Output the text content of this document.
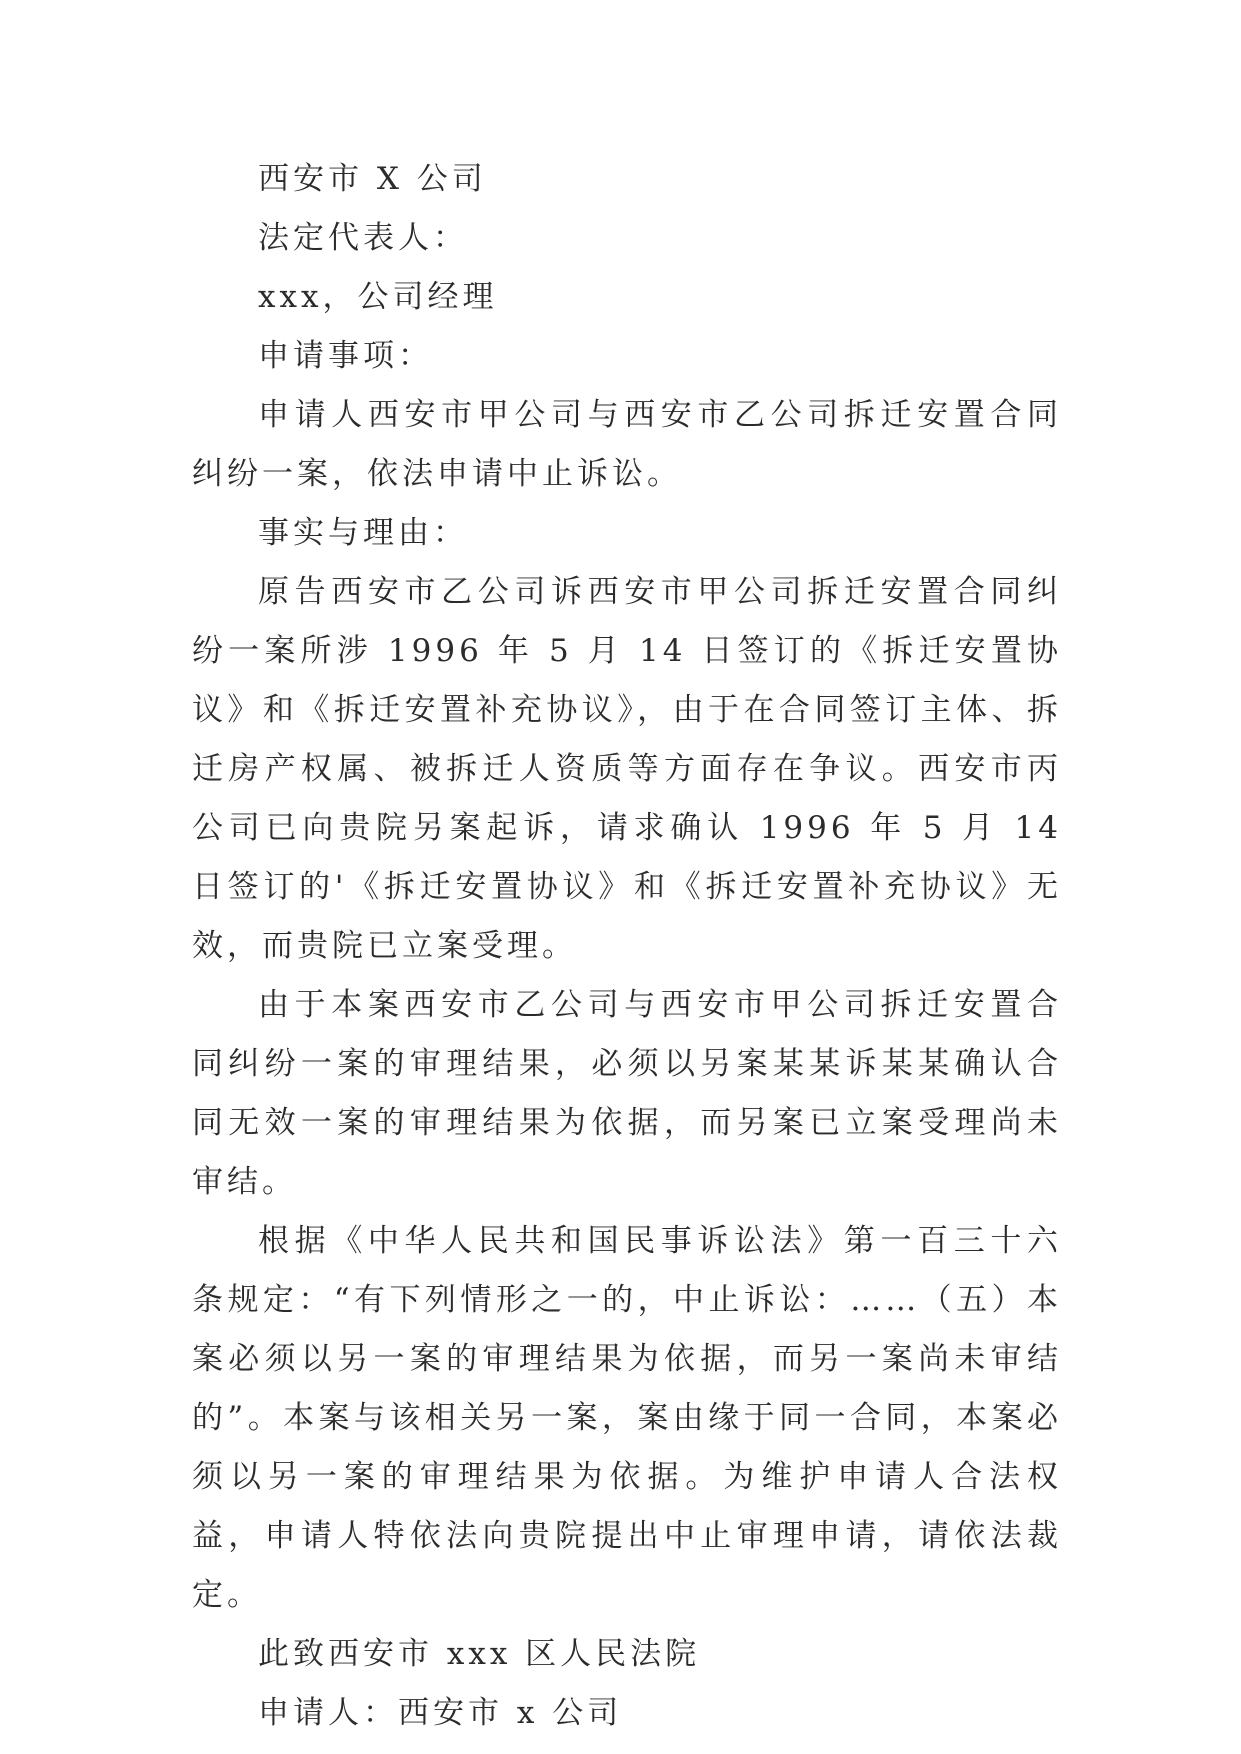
西安市 X 公司

法定代表人：

xxx，公司经理

申请事项：

申请人西安市甲公司与西安市乙公司拆迁安置合同纠纷一案，依法申请中止诉讼。

事实与理由：

原告西安市乙公司诉西安市甲公司拆迁安置合同纠纷一案所涉 1996 年 5 月 14 日签订的《拆迁安置协议》和《拆迁安置补充协议》，由于在合同签订主体、拆迁房产权属、被拆迁人资质等方面存在争议。西安市丙公司已向贵院另案起诉，请求确认 1996 年 5 月 14 日签订的'《拆迁安置协议》和《拆迁安置补充协议》无效，而贵院已立案受理。

由于本案西安市乙公司与西安市甲公司拆迁安置合同纠纷一案的审理结果，必须以另案某某诉某某确认合同无效一案的审理结果为依据，而另案已立案受理尚未审结。

根据《中华人民共和国民事诉讼法》第一百三十六条规定：“有下列情形之一的，中止诉讼：……（五）本案必须以另一案的审理结果为依据，而另一案尚未审结的”。本案与该相关另一案，案由缘于同一合同，本案必须以另一案的审理结果为依据。为维护申请人合法权益，申请人特依法向贵院提出中止审理申请，请依法裁定。

此致西安市 xxx 区人民法院

申请人：西安市 x 公司
